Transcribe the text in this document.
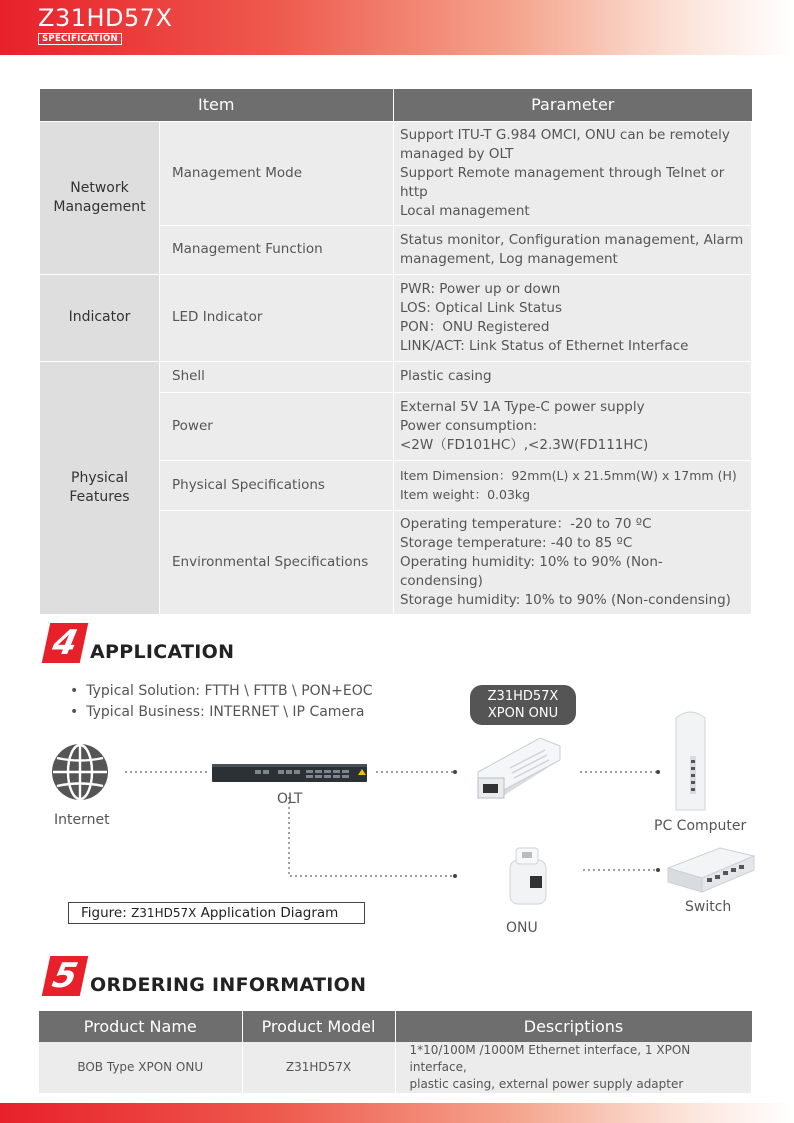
Z31HD57X
SPECIFICATION
Item		Parameter
Network Management	Management Mode	Support ITU-T G.984 OMCI, ONU can be remotely managed by OLT
Support Remote management through Telnet or http
Local management

	Management Function	Status monitor, Configuration management, Alarm management, Log management
Indicator	LED Indicator	PWR: Power up or down
LOS: Optical Link Status
PON：ONU Registered
LINK/ACT: Link Status of Ethernet Interface

Physical Features	Shell	Plastic casing
	Power	External 5V 1A Type-C power supply
Power consumption:
<2W（FD101HC）,<2.3W(FD111HC)

	Physical Specifications	Item Dimension：92mm(L) x 21.5mm(W) x 17mm (H)
Item weight：0.03kg

	Environmental Specifications	Operating temperature：-20 to 70 ºC
Storage temperature: -40 to 85 ºC
Operating humidity: 10% to 90% (Non-condensing)
Storage humidity: 10% to 90% (Non-condensing)
4 APPLICATION
• Typical Solution: FTTH \ FTTB \ PON+EOC
• Typical Business: INTERNET \ IP Camera
Internet
OLT
Z31HD57X
XPON ONU
PC Computer
Switch
ONU
Figure: Z31HD57X Application Diagram
5 ORDERING INFORMATION
Product Name	Product Model	Descriptions
BOB Type XPON ONU	Z31HD57X	1*10/100M /1000M Ethernet interface, 1 XPON interface,
plastic casing, external power supply adapter
